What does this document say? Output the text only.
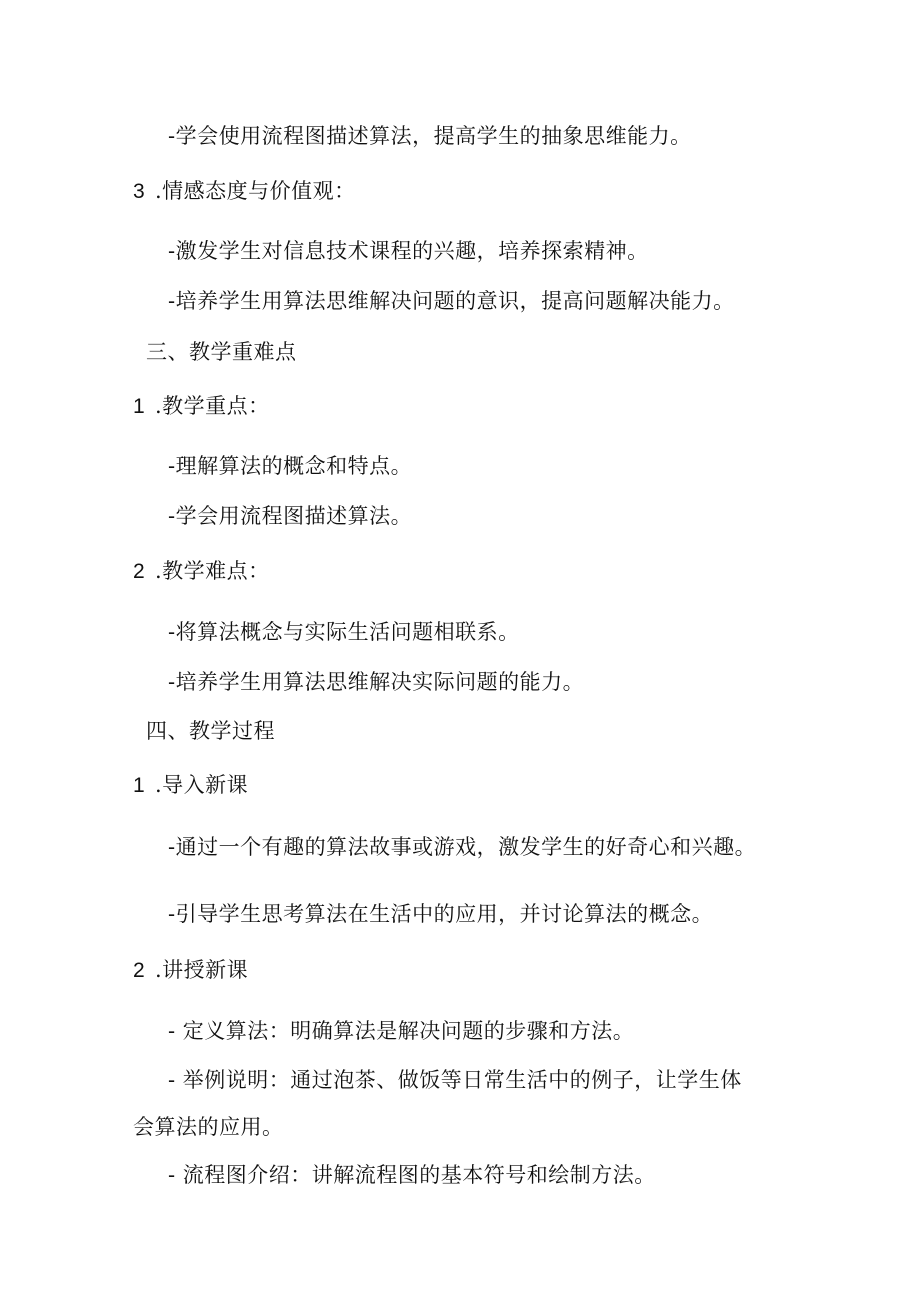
-学会使用流程图描述算法，提高学生的抽象思维能力。
3 .情感态度与价值观：
-激发学生对信息技术课程的兴趣，培养探索精神。
-培养学生用算法思维解决问题的意识，提高问题解决能力。
三、教学重难点
1 .教学重点：
-理解算法的概念和特点。
-学会用流程图描述算法。
2 .教学难点：
-将算法概念与实际生活问题相联系。
-培养学生用算法思维解决实际问题的能力。
四、教学过程
1 .导入新课
-通过一个有趣的算法故事或游戏，激发学生的好奇心和兴趣。
-引导学生思考算法在生活中的应用，并讨论算法的概念。
2 .讲授新课
- 定义算法：明确算法是解决问题的步骤和方法。
- 举例说明：通过泡茶、做饭等日常生活中的例子，让学生体
会算法的应用。
- 流程图介绍：讲解流程图的基本符号和绘制方法。
